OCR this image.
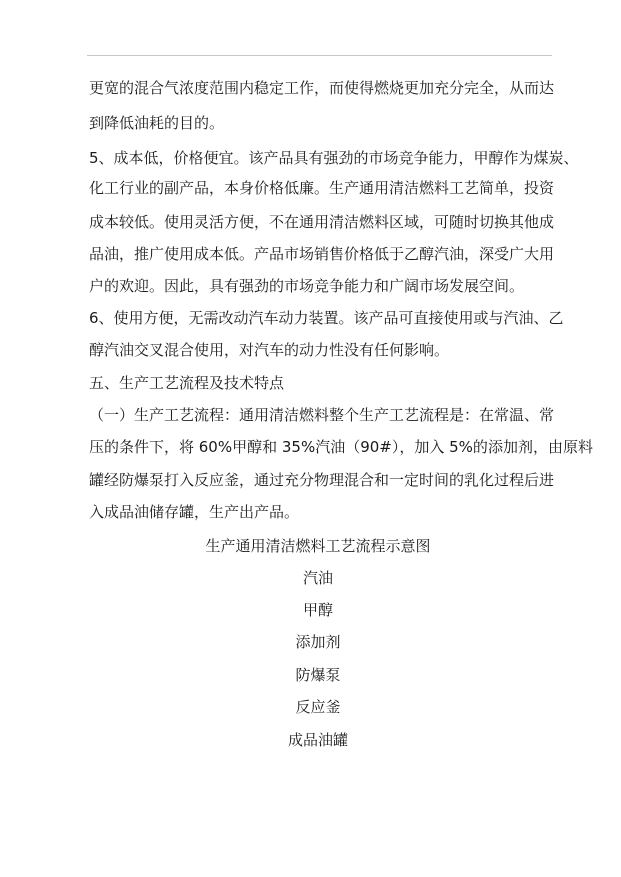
更宽的混合气浓度范围内稳定工作，而使得燃烧更加充分完全，从而达

到降低油耗的目的。

5、成本低，价格便宜。该产品具有强劲的市场竞争能力，甲醇作为煤炭、

化工行业的副产品，本身价格低廉。生产通用清洁燃料工艺简单，投资

成本较低。使用灵活方便，不在通用清洁燃料区域，可随时切换其他成

品油，推广使用成本低。产品市场销售价格低于乙醇汽油，深受广大用

户的欢迎。因此，具有强劲的市场竞争能力和广阔市场发展空间。

6、使用方便，无需改动汽车动力装置。该产品可直接使用或与汽油、乙

醇汽油交叉混合使用，对汽车的动力性没有任何影响。

五、生产工艺流程及技术特点

（一）生产工艺流程：通用清洁燃料整个生产工艺流程是：在常温、常

压的条件下，将 60%甲醇和 35%汽油（90#），加入 5%的添加剂，由原料

罐经防爆泵打入反应釜，通过充分物理混合和一定时间的乳化过程后进

入成品油储存罐，生产出产品。

生产通用清洁燃料工艺流程示意图

汽油

甲醇

添加剂

防爆泵

反应釜

成品油罐
